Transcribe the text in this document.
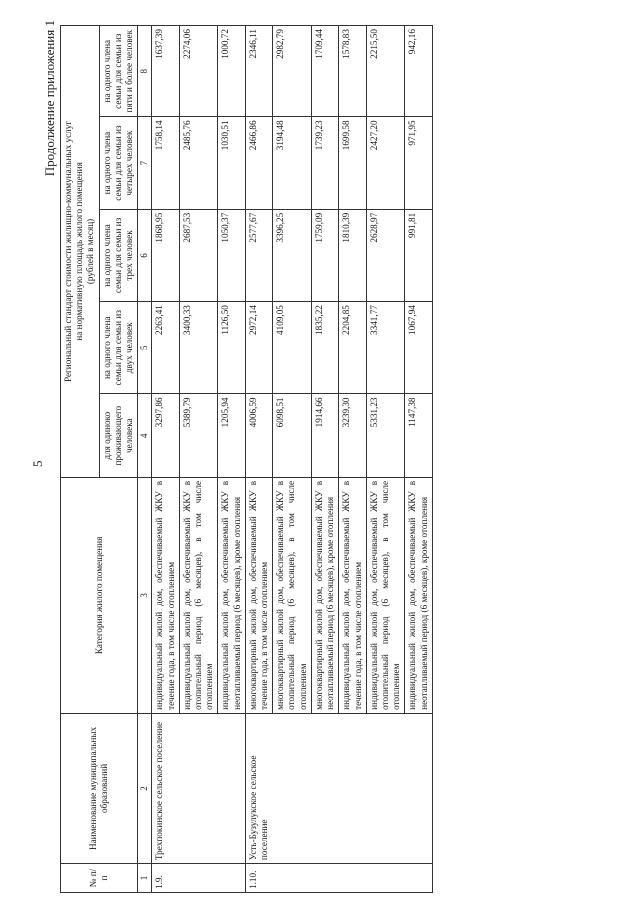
5
Продолжение приложения 1
№ п/п	Наименование муниципальных образований	Категория жилого помещения	Региональный стандарт стоимости жилищно-коммунальных услуг на нормативную площадь жилого помещения (рублей в месяц)				

			для одиноко проживающего человека	на одного члена семьи для семьи из двух человек	на одного члена семьи для семьи из трех человек	на одного члена семьи для семьи из четырех человек	на одного члена семьи для семьи из пяти и более человек
1	2	3	4	5	6	7	8
1.9.	Трехпокинское сельское поселение	индивидуальный жилой дом, обеспечиваемый ЖКУ в течение года, в том числе отоплением	3297,86	2263,41	1868,95	1758,14	1637,39
		индивидуальный жилой дом, обеспечиваемый ЖКУ в отопительный период (6 месяцев), в том числе отоплением	5389,79	3400,33	2687,53	2485,76	2274,06
		индивидуальный жилой дом, обеспечиваемый ЖКУ в неотапливаемый период (6 месяцев), кроме отопления	1205,94	1126,50	1050,37	1030,51	1000,72
1.10.	Усть-Бузулукское сельское поселение	многоквартирный жилой дом, обеспечиваемый ЖКУ в течение года, в том числе отоплением	4006,59	2972,14	2577,67	2466,86	2346,11
		многоквартирный жилой дом, обеспечиваемый ЖКУ в отопительный период (6 месяцев), в том числе отоплением	6098,51	4109,05	3396,25	3194,48	2982,79
		многоквартирный жилой дом, обеспечиваемый ЖКУ в неотапливаемый период (6 месяцев), кроме отопления	1914,66	1835,22	1759,09	1739,23	1709,44
		индивидуальный жилой дом, обеспечиваемый ЖКУ в течение года, в том числе отоплением	3239,30	2204,85	1810,39	1699,58	1578,83
		индивидуальный жилой дом, обеспечиваемый ЖКУ в отопительный период (6 месяцев), в том числе отоплением	5331,23	3341,77	2628,97	2427,20	2215,50
		индивидуальный жилой дом, обеспечиваемый ЖКУ в неотапливаемый период (6 месяцев), кроме отопления	1147,38	1067,94	991,81	971,95	942,16
